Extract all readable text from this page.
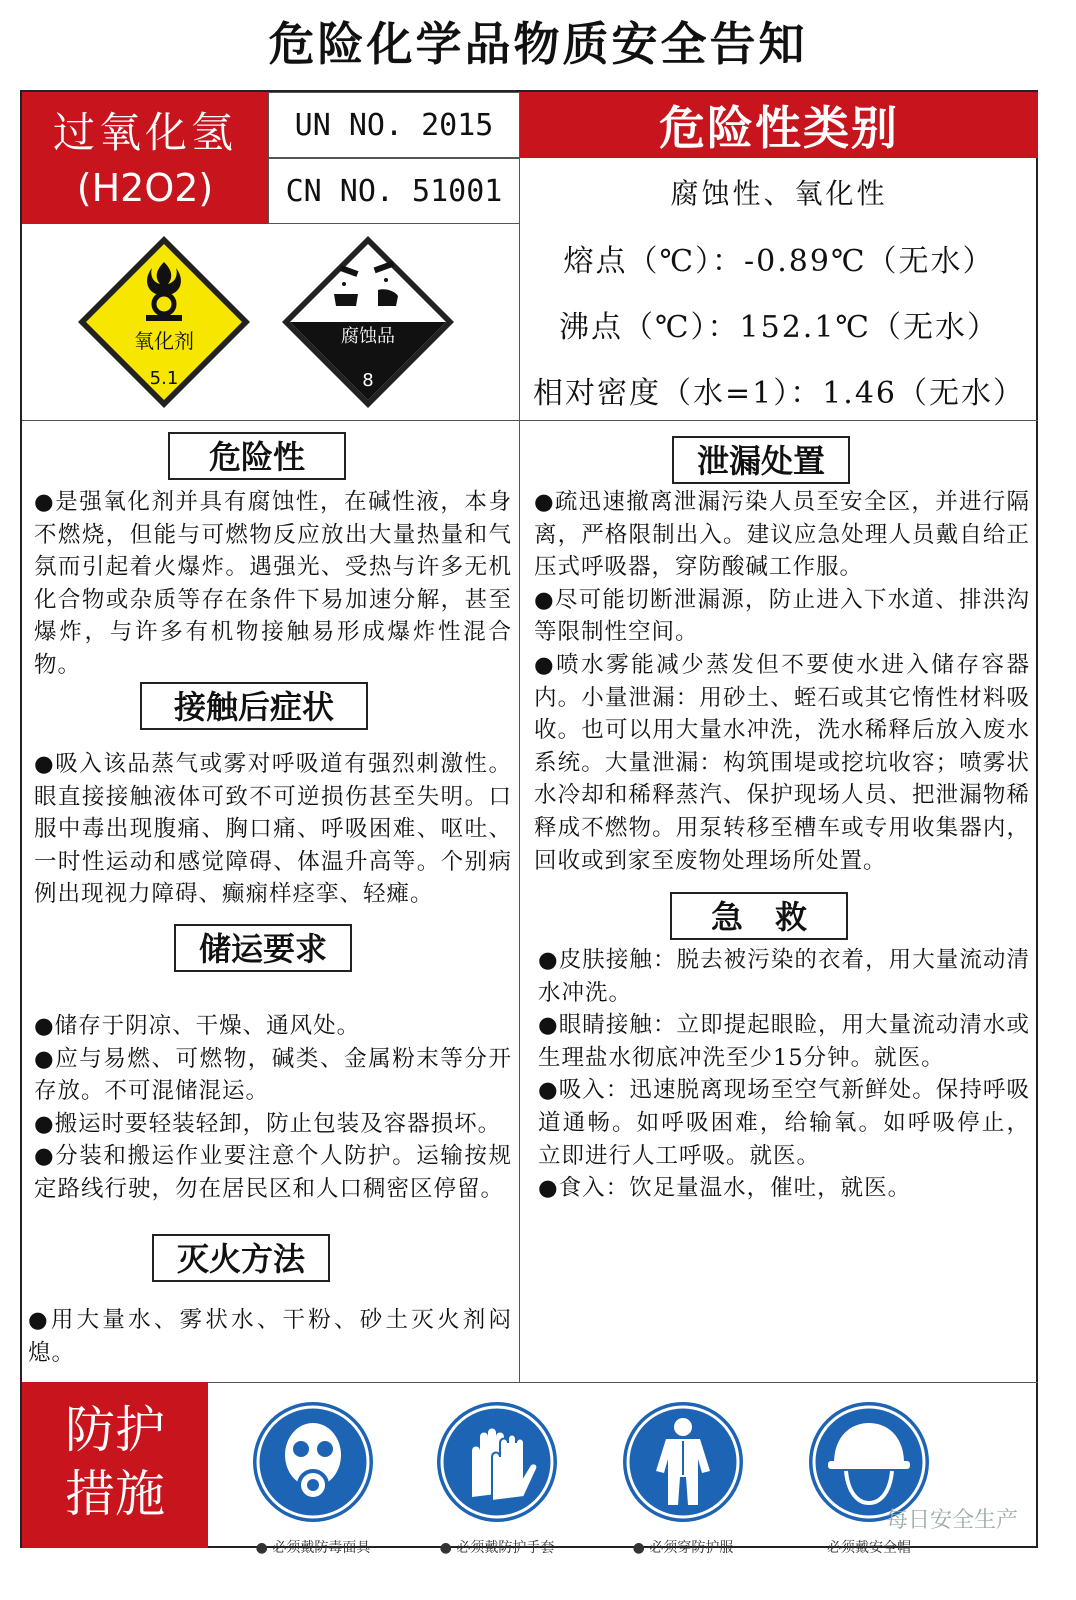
危险化学品物质安全告知
过氧化氢
(H2O2)
UN NO. 2015
CN NO. 51001
危险性类别
腐蚀性、氧化性
熔点（℃）：-0.89℃（无水）
沸点（℃）：152.1℃（无水）
相对密度（水=1）：1.46（无水）
氧化剂
5.1
腐蚀品
8
危险性
●是强氧化剂并具有腐蚀性，在碱性液，本身不燃烧，但能与可燃物反应放出大量热量和气氛而引起着火爆炸。遇强光、受热与许多无机化合物或杂质等存在条件下易加速分解，甚至爆炸，与许多有机物接触易形成爆炸性混合物。
接触后症状
●吸入该品蒸气或雾对呼吸道有强烈刺激性。眼直接接触液体可致不可逆损伤甚至失明。口服中毒出现腹痛、胸口痛、呼吸困难、呕吐、一时性运动和感觉障碍、体温升高等。个别病例出现视力障碍、癫痫样痉挛、轻瘫。
储运要求
●储存于阴凉、干燥、通风处。
●应与易燃、可燃物，碱类、金属粉末等分开存放。不可混储混运。
●搬运时要轻装轻卸，防止包装及容器损坏。
●分装和搬运作业要注意个人防护。运输按规定路线行驶，勿在居民区和人口稠密区停留。
灭火方法
●用大量水、雾状水、干粉、砂土灭火剂闷熄。
泄漏处置
●疏迅速撤离泄漏污染人员至安全区，并进行隔离，严格限制出入。建议应急处理人员戴自给正压式呼吸器，穿防酸碱工作服。
●尽可能切断泄漏源，防止进入下水道、排洪沟等限制性空间。
●喷水雾能减少蒸发但不要使水进入储存容器内。小量泄漏：用砂土、蛭石或其它惰性材料吸收。也可以用大量水冲洗，洗水稀释后放入废水系统。大量泄漏：构筑围堤或挖坑收容；喷雾状水冷却和稀释蒸汽、保护现场人员、把泄漏物稀释成不燃物。用泵转移至槽车或专用收集器内，回收或到家至废物处理场所处置。
急　救
●皮肤接触：脱去被污染的衣着，用大量流动清水冲洗。
●眼睛接触：立即提起眼睑，用大量流动清水或生理盐水彻底冲洗至少15分钟。就医。
●吸入：迅速脱离现场至空气新鲜处。保持呼吸道通畅。如呼吸困难，给输氧。如呼吸停止，立即进行人工呼吸。就医。
●食入：饮足量温水，催吐，就医。
防护
措施
● 必须戴防毒面具	● 必须戴防护手套	● 必须穿防护服	必须戴安全帽
每日安全生产
